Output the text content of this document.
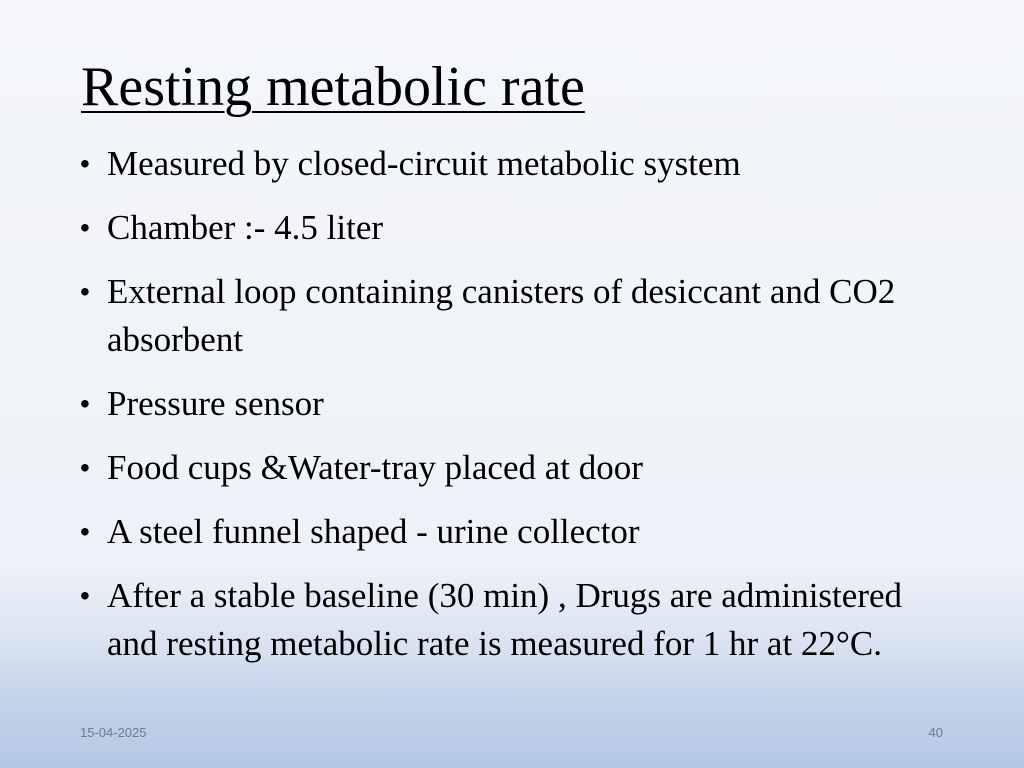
Resting metabolic rate
• Measured by closed-circuit metabolic system
• Chamber :- 4.5 liter
• External loop containing canisters of desiccant and CO2 absorbent
• Pressure sensor
• Food cups &Water-tray placed at door
• A steel funnel shaped - urine collector
• After a stable baseline (30 min) , Drugs are administered and resting metabolic rate is measured for 1 hr at 22°C.
15-04-2025	40
